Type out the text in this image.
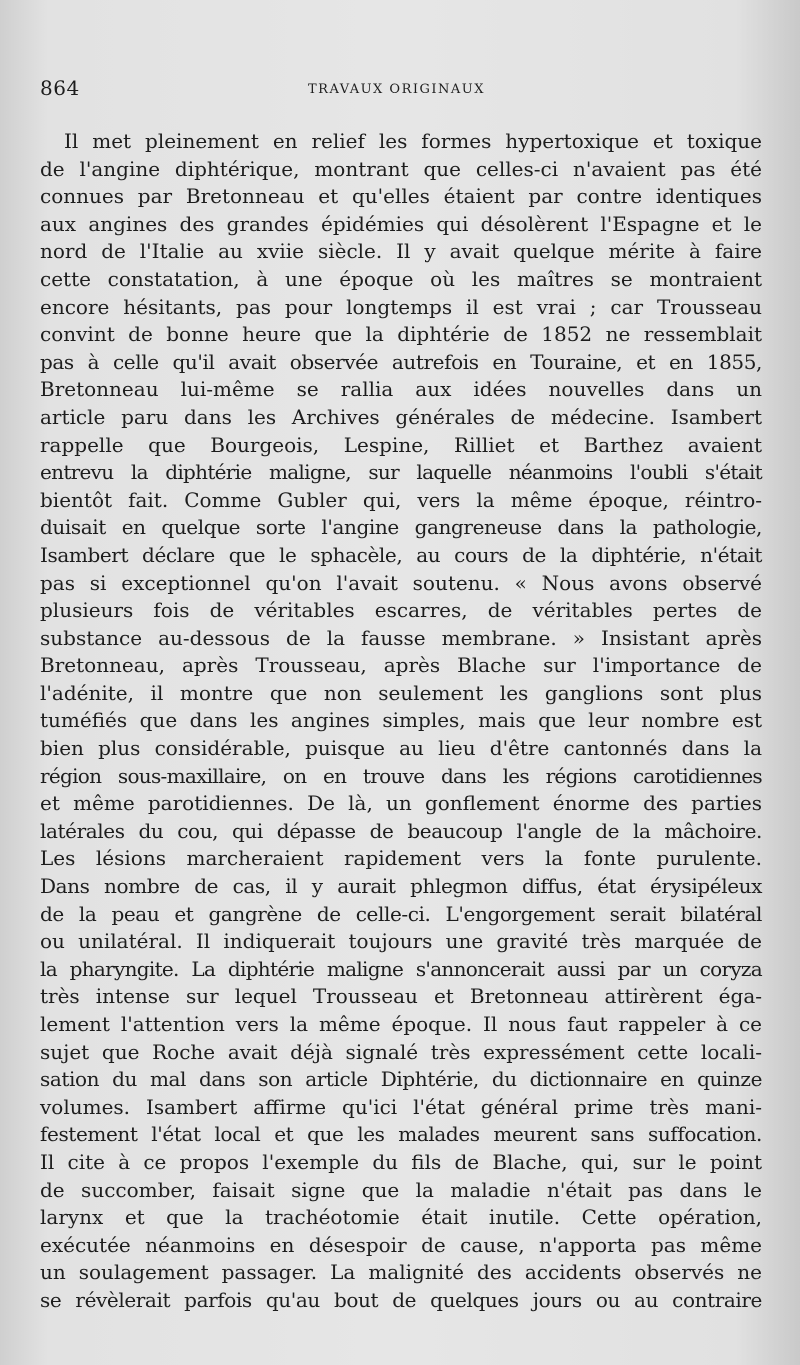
864	TRAVAUX ORIGINAUX
Il met pleinement en relief les formes hypertoxique et toxique
de l'angine diphtérique, montrant que celles-ci n'avaient pas été
connues par Bretonneau et qu'elles étaient par contre identiques
aux angines des grandes épidémies qui désolèrent l'Espagne et le
nord de l'Italie au xviie siècle. Il y avait quelque mérite à faire
cette constatation, à une époque où les maîtres se montraient
encore hésitants, pas pour longtemps il est vrai ; car Trousseau
convint de bonne heure que la diphtérie de 1852 ne ressemblait
pas à celle qu'il avait observée autrefois en Touraine, et en 1855,
Bretonneau lui-même se rallia aux idées nouvelles dans un
article paru dans les Archives générales de médecine. Isambert
rappelle que Bourgeois, Lespine, Rilliet et Barthez avaient
entrevu la diphtérie maligne, sur laquelle néanmoins l'oubli s'était
bientôt fait. Comme Gubler qui, vers la même époque, réintro-
duisait en quelque sorte l'angine gangreneuse dans la pathologie,
Isambert déclare que le sphacèle, au cours de la diphtérie, n'était
pas si exceptionnel qu'on l'avait soutenu. « Nous avons observé
plusieurs fois de véritables escarres, de véritables pertes de
substance au-dessous de la fausse membrane. » Insistant après
Bretonneau, après Trousseau, après Blache sur l'importance de
l'adénite, il montre que non seulement les ganglions sont plus
tuméfiés que dans les angines simples, mais que leur nombre est
bien plus considérable, puisque au lieu d'être cantonnés dans la
région sous-maxillaire, on en trouve dans les régions carotidiennes
et même parotidiennes. De là, un gonflement énorme des parties
latérales du cou, qui dépasse de beaucoup l'angle de la mâchoire.
Les lésions marcheraient rapidement vers la fonte purulente.
Dans nombre de cas, il y aurait phlegmon diffus, état érysipéleux
de la peau et gangrène de celle-ci. L'engorgement serait bilatéral
ou unilatéral. Il indiquerait toujours une gravité très marquée de
la pharyngite. La diphtérie maligne s'annoncerait aussi par un coryza
très intense sur lequel Trousseau et Bretonneau attirèrent éga-
lement l'attention vers la même époque. Il nous faut rappeler à ce
sujet que Roche avait déjà signalé très expressément cette locali-
sation du mal dans son article Diphtérie, du dictionnaire en quinze
volumes. Isambert affirme qu'ici l'état général prime très mani-
festement l'état local et que les malades meurent sans suffocation.
Il cite à ce propos l'exemple du fils de Blache, qui, sur le point
de succomber, faisait signe que la maladie n'était pas dans le
larynx et que la trachéotomie était inutile. Cette opération,
exécutée néanmoins en désespoir de cause, n'apporta pas même
un soulagement passager. La malignité des accidents observés ne
se révèlerait parfois qu'au bout de quelques jours ou au contraire
